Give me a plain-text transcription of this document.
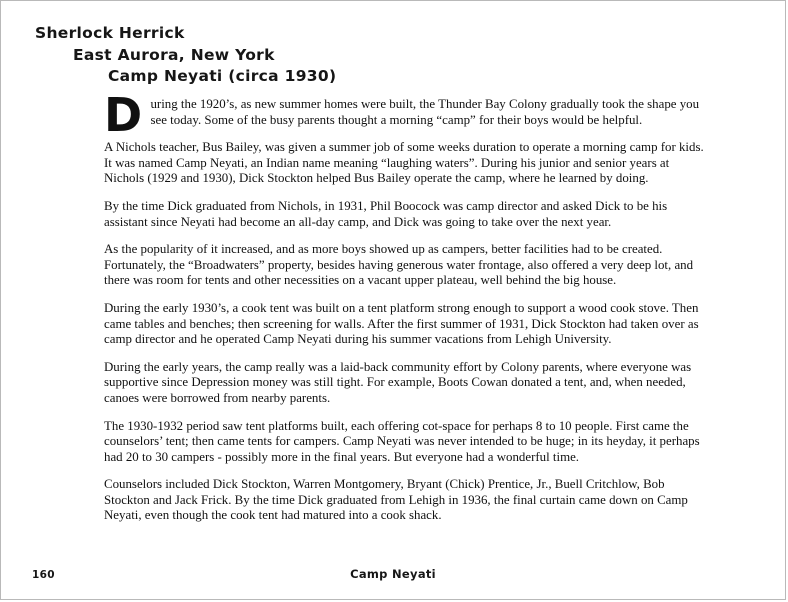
Sherlock Herrick
East Aurora, New York
Camp Neyati (circa 1930)

During the 1920’s, as new summer homes were built, the Thunder Bay Colony gradually took the shape you see today. Some of the busy parents thought a morning “camp” for their boys would be helpful.

A Nichols teacher, Bus Bailey, was given a summer job of some weeks duration to operate a morning camp for kids. It was named Camp Neyati, an Indian name meaning “laughing waters”. During his junior and senior years at Nichols (1929 and 1930), Dick Stockton helped Bus Bailey operate the camp, where he learned by doing.

By the time Dick graduated from Nichols, in 1931, Phil Boocock was camp director and asked Dick to be his assistant since Neyati had become an all-day camp, and Dick was going to take over the next year.

As the popularity of it increased, and as more boys showed up as campers, better facilities had to be created. Fortunately, the “Broadwaters” property, besides having generous water frontage, also offered a very deep lot, and there was room for tents and other necessities on a vacant upper plateau, well behind the big house.

During the early 1930’s, a cook tent was built on a tent platform strong enough to support a wood cook stove. Then came tables and benches; then screening for walls. After the first summer of 1931, Dick Stockton had taken over as camp director and he operated Camp Neyati during his summer vacations from Lehigh University.

During the early years, the camp really was a laid-back community effort by Colony parents, where everyone was supportive since Depression money was still tight. For example, Boots Cowan donated a tent, and, when needed, canoes were borrowed from nearby parents.

The 1930-1932 period saw tent platforms built, each offering cot-space for perhaps 8 to 10 people. First came the counselors’ tent; then came tents for campers. Camp Neyati was never intended to be huge; in its heyday, it perhaps had 20 to 30 campers - possibly more in the final years. But everyone had a wonderful time.

Counselors included Dick Stockton, Warren Montgomery, Bryant (Chick) Prentice, Jr., Buell Critchlow, Bob Stockton and Jack Frick. By the time Dick graduated from Lehigh in 1936, the final curtain came down on Camp Neyati, even though the cook tent had matured into a cook shack.

160	Camp Neyati
